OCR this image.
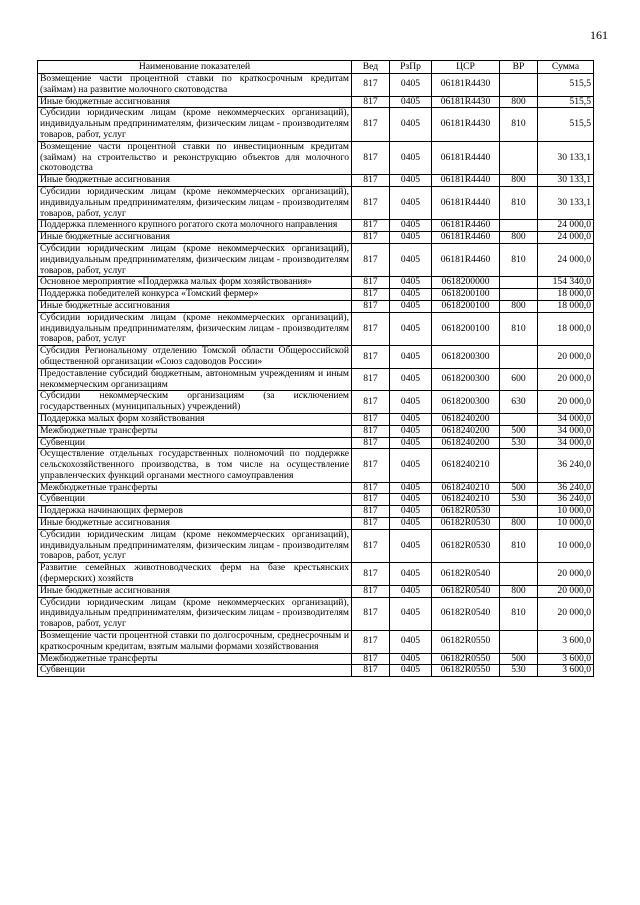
161
Наименование показателей	Вед	РзПр	ЦСР	ВР	Сумма
Возмещение части процентной ставки по краткосрочным кредитам (займам) на развитие молочного скотоводства	817	0405	06181R4430		515,5
Иные бюджетные ассигнования	817	0405	06181R4430	800	515,5
Субсидии юридическим лицам (кроме некоммерческих организаций), индивидуальным предпринимателям, физическим лицам - производителям товаров, работ, услуг	817	0405	06181R4430	810	515,5
Возмещение части процентной ставки по инвестиционным кредитам (займам) на строительство и реконструкцию объектов для молочного скотоводства	817	0405	06181R4440		30 133,1
Иные бюджетные ассигнования	817	0405	06181R4440	800	30 133,1
Субсидии юридическим лицам (кроме некоммерческих организаций), индивидуальным предпринимателям, физическим лицам - производителям товаров, работ, услуг	817	0405	06181R4440	810	30 133,1
Поддержка племенного крупного рогатого скота молочного направления	817	0405	06181R4460		24 000,0
Иные бюджетные ассигнования	817	0405	06181R4460	800	24 000,0
Субсидии юридическим лицам (кроме некоммерческих организаций), индивидуальным предпринимателям, физическим лицам - производителям товаров, работ, услуг	817	0405	06181R4460	810	24 000,0
Основное мероприятие «Поддержка малых форм хозяйствования»	817	0405	0618200000		154 340,0
Поддержка победителей конкурса «Томский фермер»	817	0405	0618200100		18 000,0
Иные бюджетные ассигнования	817	0405	0618200100	800	18 000,0
Субсидии юридическим лицам (кроме некоммерческих организаций), индивидуальным предпринимателям, физическим лицам - производителям товаров, работ, услуг	817	0405	0618200100	810	18 000,0
Субсидия Региональному отделению Томской области Общероссийской общественной организации «Союз садоводов России»	817	0405	0618200300		20 000,0
Предоставление субсидий бюджетным, автономным учреждениям и иным некоммерческим организациям	817	0405	0618200300	600	20 000,0
Субсидии некоммерческим организациям (за исключением государственных (муниципальных) учреждений)	817	0405	0618200300	630	20 000,0
Поддержка малых форм хозяйствования	817	0405	0618240200		34 000,0
Межбюджетные трансферты	817	0405	0618240200	500	34 000,0
Субвенции	817	0405	0618240200	530	34 000,0
Осуществление отдельных государственных полномочий по поддержке сельскохозяйственного производства, в том числе на осуществление управленческих функций органами местного самоуправления	817	0405	0618240210		36 240,0
Межбюджетные трансферты	817	0405	0618240210	500	36 240,0
Субвенции	817	0405	0618240210	530	36 240,0
Поддержка начинающих фермеров	817	0405	06182R0530		10 000,0
Иные бюджетные ассигнования	817	0405	06182R0530	800	10 000,0
Субсидии юридическим лицам (кроме некоммерческих организаций), индивидуальным предпринимателям, физическим лицам - производителям товаров, работ, услуг	817	0405	06182R0530	810	10 000,0
Развитие семейных животноводческих ферм на базе крестьянских (фермерских) хозяйств	817	0405	06182R0540		20 000,0
Иные бюджетные ассигнования	817	0405	06182R0540	800	20 000,0
Субсидии юридическим лицам (кроме некоммерческих организаций), индивидуальным предпринимателям, физическим лицам - производителям товаров, работ, услуг	817	0405	06182R0540	810	20 000,0
Возмещение части процентной ставки по долгосрочным, среднесрочным и краткосрочным кредитам, взятым малыми формами хозяйствования	817	0405	06182R0550		3 600,0
Межбюджетные трансферты	817	0405	06182R0550	500	3 600,0
Субвенции	817	0405	06182R0550	530	3 600,0
